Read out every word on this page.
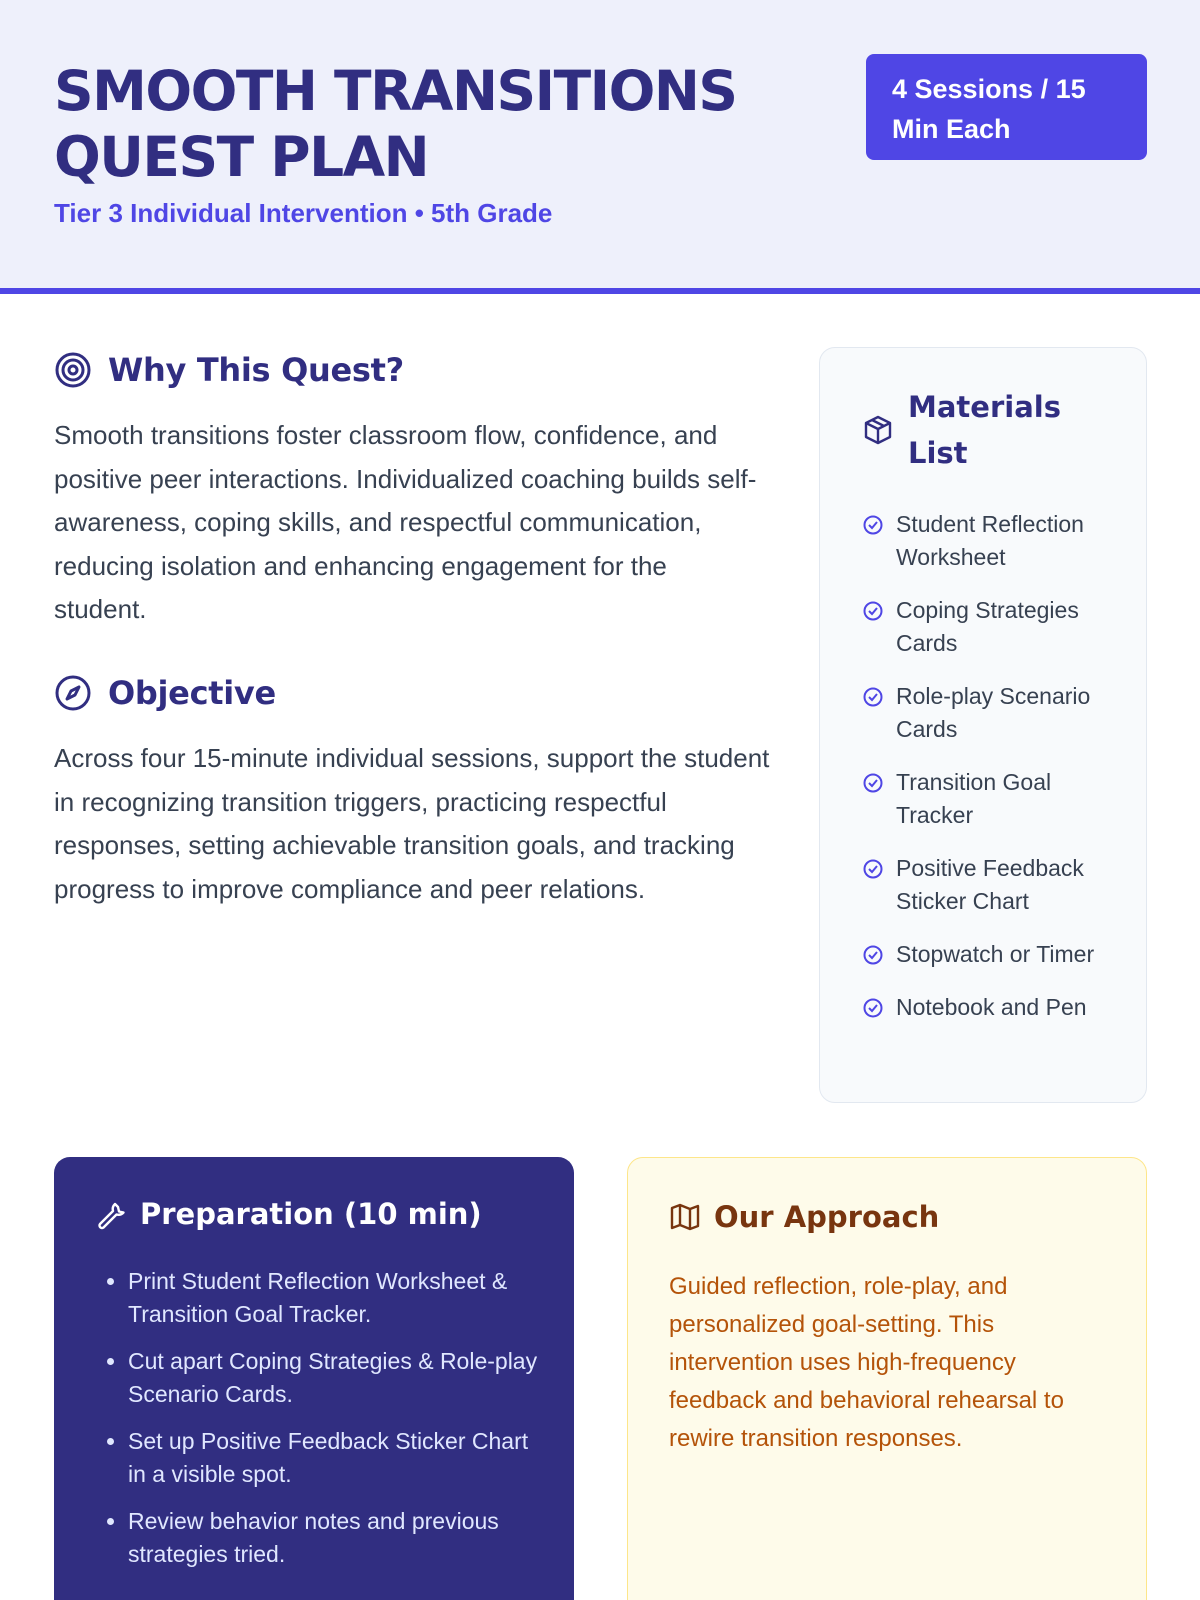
SMOOTH TRANSITIONS QUEST PLAN
Tier 3 Individual Intervention • 5th Grade
4 Sessions / 15 Min Each
Why This Quest?

Smooth transitions foster classroom flow, confidence, and positive peer interactions. Individualized coaching builds self-awareness, coping skills, and respectful communication, reducing isolation and enhancing engagement for the student.

Objective

Across four 15-minute individual sessions, support the student in recognizing transition triggers, practicing respectful responses, setting achievable transition goals, and tracking progress to improve compliance and peer relations.

Materials List
Student Reflection Worksheet
Coping Strategies Cards
Role-play Scenario Cards
Transition Goal Tracker
Positive Feedback Sticker Chart
Stopwatch or Timer
Notebook and Pen
Preparation (10 min)
• Print Student Reflection Worksheet & Transition Goal Tracker.
• Cut apart Coping Strategies & Role-play Scenario Cards.
• Set up Positive Feedback Sticker Chart in a visible spot.
• Review behavior notes and previous strategies tried.
Our Approach

Guided reflection, role-play, and personalized goal-setting. This intervention uses high-frequency feedback and behavioral rehearsal to rewire transition responses.
